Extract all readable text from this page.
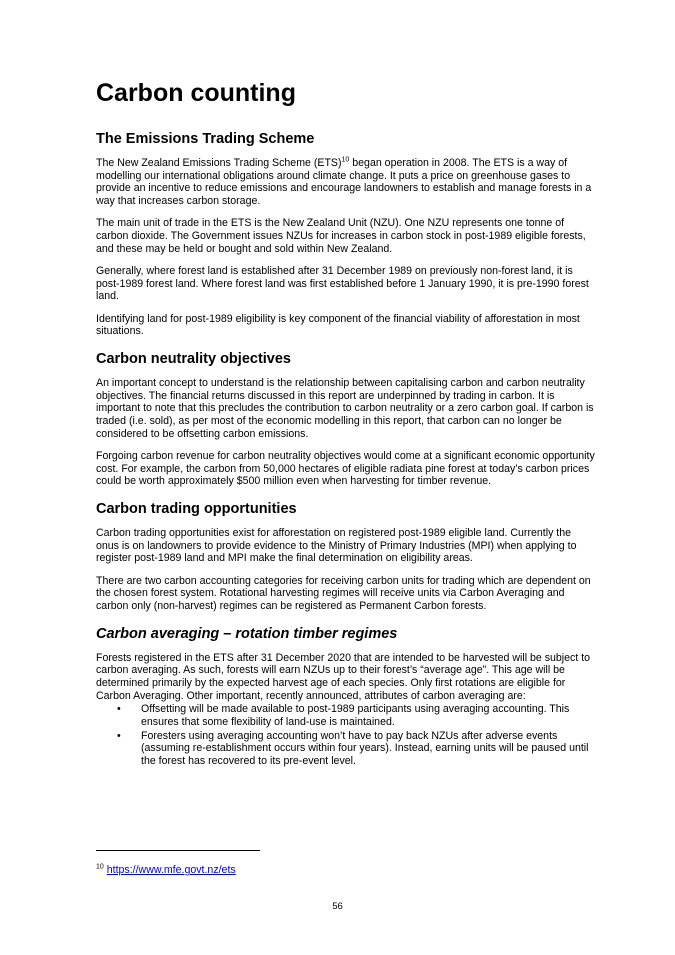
Carbon counting
The Emissions Trading Scheme

The New Zealand Emissions Trading Scheme (ETS)$^{10}$ began operation in 2008. The ETS is a way of modelling our international obligations around climate change. It puts a price on greenhouse gases to provide an incentive to reduce emissions and encourage landowners to establish and manage forests in a way that increases carbon storage.

The main unit of trade in the ETS is the New Zealand Unit (NZU). One NZU represents one tonne of carbon dioxide. The Government issues NZUs for increases in carbon stock in post-1989 eligible forests, and these may be held or bought and sold within New Zealand.

Generally, where forest land is established after 31 December 1989 on previously non-forest land, it is post-1989 forest land. Where forest land was first established before 1 January 1990, it is pre-1990 forest land.

Identifying land for post-1989 eligibility is key component of the financial viability of afforestation in most situations.

Carbon neutrality objectives

An important concept to understand is the relationship between capitalising carbon and carbon neutrality objectives. The financial returns discussed in this report are underpinned by trading in carbon. It is important to note that this precludes the contribution to carbon neutrality or a zero carbon goal. If carbon is traded (i.e. sold), as per most of the economic modelling in this report, that carbon can no longer be considered to be offsetting carbon emissions.

Forgoing carbon revenue for carbon neutrality objectives would come at a significant economic opportunity cost. For example, the carbon from 50,000 hectares of eligible radiata pine forest at today’s carbon prices could be worth approximately $500 million even when harvesting for timber revenue.

Carbon trading opportunities

Carbon trading opportunities exist for afforestation on registered post-1989 eligible land. Currently the onus is on landowners to provide evidence to the Ministry of Primary Industries (MPI) when applying to register post-1989 land and MPI make the final determination on eligibility areas.

There are two carbon accounting categories for receiving carbon units for trading which are dependent on the chosen forest system. Rotational harvesting regimes will receive units via Carbon Averaging and carbon only (non-harvest) regimes can be registered as Permanent Carbon forests.

Carbon averaging – rotation timber regimes

Forests registered in the ETS after 31 December 2020 that are intended to be harvested will be subject to carbon averaging. As such, forests will earn NZUs up to their forest’s “average age”. This age will be determined primarily by the expected harvest age of each species. Only first rotations are eligible for Carbon Averaging. Other important, recently announced, attributes of carbon averaging are:

• Offsetting will be made available to post-1989 participants using averaging accounting. This ensures that some flexibility of land-use is maintained.
• Foresters using averaging accounting won’t have to pay back NZUs after adverse events (assuming re-establishment occurs within four years). Instead, earning units will be paused until the forest has recovered to its pre-event level.
$^{10}$ https://www.mfe.govt.nz/ets
56
